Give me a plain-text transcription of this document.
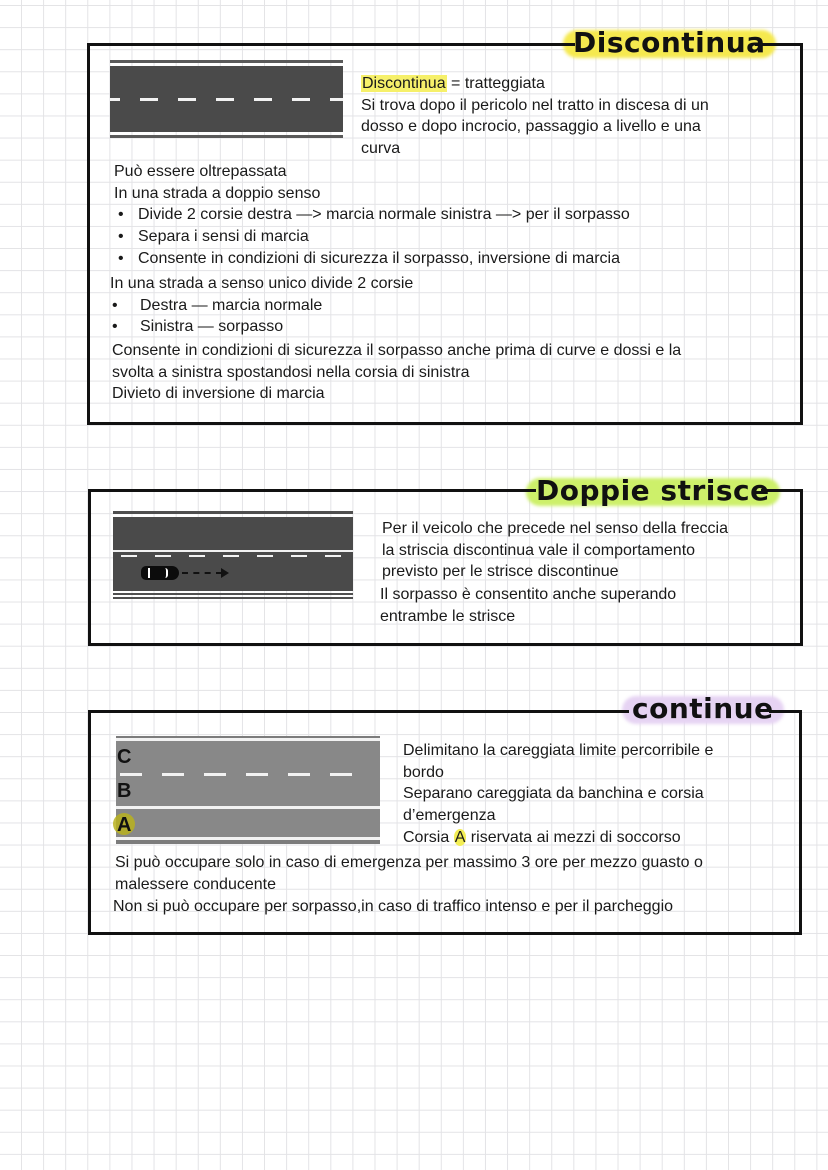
Discontinua
Discontinua = tratteggiata
Si trova dopo il pericolo nel tratto in discesa di un
dosso e dopo incrocio, passaggio a livello e una
curva
Può essere oltrepassata
In una strada a doppio senso
• Divide 2 corsie destra —> marcia normale sinistra —> per il sorpasso
• Separa i sensi di marcia
• Consente in condizioni di sicurezza il sorpasso, inversione di marcia
In una strada a senso unico divide 2 corsie
• Destra — marcia normale
• Sinistra — sorpasso
Consente in condizioni di sicurezza il sorpasso anche prima di curve e dossi e la
svolta a sinistra spostandosi nella corsia di sinistra
Divieto di inversione di marcia
Doppie strisce
Per il veicolo che precede nel senso della freccia
la striscia discontinua vale il comportamento
previsto per le strisce discontinue
Il sorpasso è consentito anche superando
entrambe le strisce
continue
C
B
A
Delimitano la careggiata limite percorribile e
bordo
Separano careggiata da banchina e corsia
d’emergenza
Corsia A riservata ai mezzi di soccorso
Si può occupare solo in caso di emergenza per massimo 3 ore per mezzo guasto o
malessere conducente
Non si può occupare per sorpasso,in caso di traffico intenso e per il parcheggio
